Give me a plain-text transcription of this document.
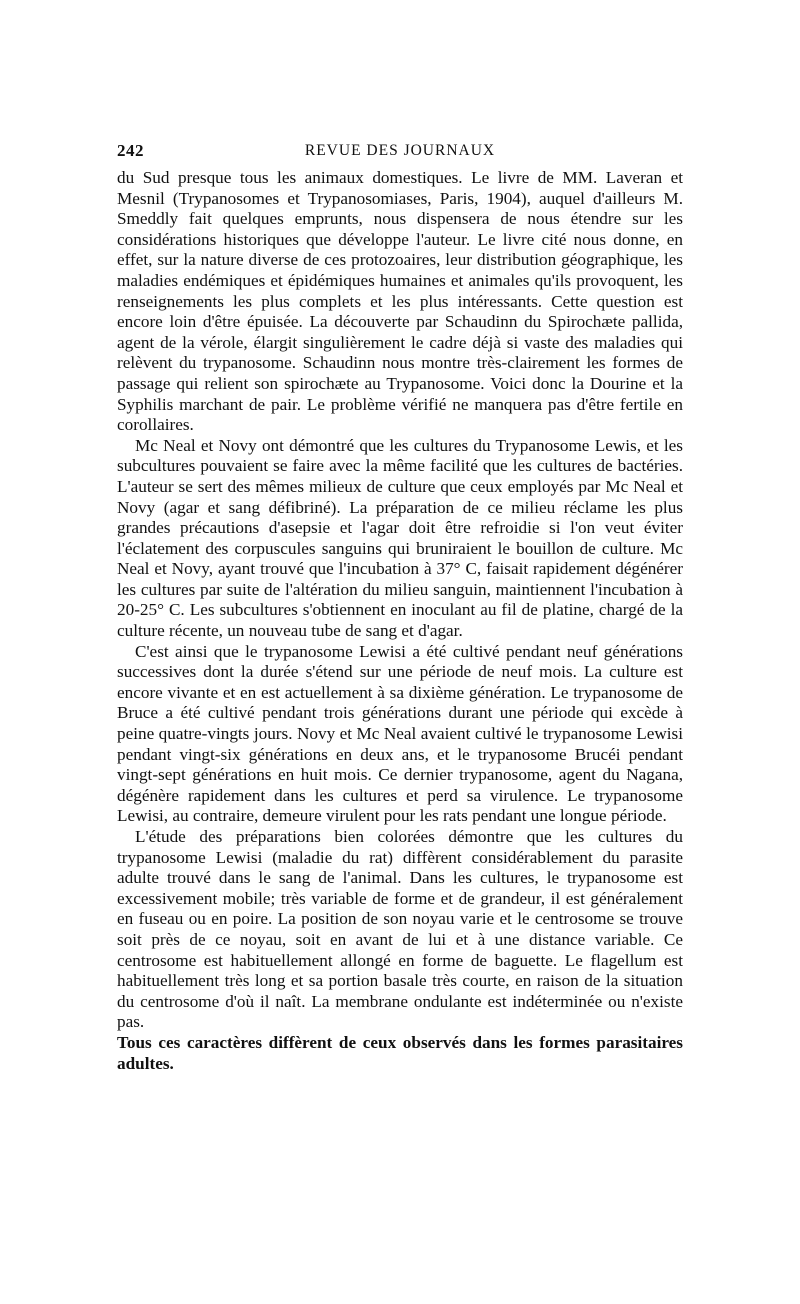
242	REVUE DES JOURNAUX

du Sud presque tous les animaux domestiques. Le livre de MM. Laveran et Mesnil (Trypanosomes et Trypanosomiases, Paris, 1904), auquel d'ailleurs M. Smeddly fait quelques emprunts, nous dispensera de nous étendre sur les considérations historiques que développe l'auteur. Le livre cité nous donne, en effet, sur la nature diverse de ces protozoaires, leur distribution géographique, les maladies endémiques et épidémiques humaines et animales qu'ils provoquent, les renseignements les plus complets et les plus intéressants. Cette question est encore loin d'être épuisée. La découverte par Schaudinn du Spirochæte pallida, agent de la vérole, élargit singulièrement le cadre déjà si vaste des maladies qui relèvent du trypanosome. Schaudinn nous montre très-clairement les formes de passage qui relient son spirochæte au Trypanosome. Voici donc la Dourine et la Syphilis marchant de pair. Le problème vérifié ne manquera pas d'être fertile en corollaires.

Mc Neal et Novy ont démontré que les cultures du Trypanosome Lewis, et les subcultures pouvaient se faire avec la même facilité que les cultures de bactéries. L'auteur se sert des mêmes milieux de culture que ceux employés par Mc Neal et Novy (agar et sang défibriné). La préparation de ce milieu réclame les plus grandes précautions d'asepsie et l'agar doit être refroidie si l'on veut éviter l'éclatement des corpuscules sanguins qui bruniraient le bouillon de culture. Mc Neal et Novy, ayant trouvé que l'incubation à 37° C, faisait rapidement dégénérer les cultures par suite de l'altération du milieu sanguin, maintiennent l'incubation à 20-25° C. Les subcultures s'obtiennent en inoculant au fil de platine, chargé de la culture récente, un nouveau tube de sang et d'agar.

C'est ainsi que le trypanosome Lewisi a été cultivé pendant neuf générations successives dont la durée s'étend sur une période de neuf mois. La culture est encore vivante et en est actuellement à sa dixième génération. Le trypanosome de Bruce a été cultivé pendant trois générations durant une période qui excède à peine quatre-vingts jours. Novy et Mc Neal avaient cultivé le trypanosome Lewisi pendant vingt-six générations en deux ans, et le trypanosome Brucéi pendant vingt-sept générations en huit mois. Ce dernier trypanosome, agent du Nagana, dégénère rapidement dans les cultures et perd sa virulence. Le trypanosome Lewisi, au contraire, demeure virulent pour les rats pendant une longue période.

L'étude des préparations bien colorées démontre que les cultures du trypanosome Lewisi (maladie du rat) diffèrent considérablement du parasite adulte trouvé dans le sang de l'animal. Dans les cultures, le trypanosome est excessivement mobile; très variable de forme et de grandeur, il est généralement en fuseau ou en poire. La position de son noyau varie et le centrosome se trouve soit près de ce noyau, soit en avant de lui et à une distance variable. Ce centrosome est habituellement allongé en forme de baguette. Le flagellum est habituellement très long et sa portion basale très courte, en raison de la situation du centrosome d'où il naît. La membrane ondulante est indéterminée ou n'existe pas.

Tous ces caractères diffèrent de ceux observés dans les formes parasitaires adultes.
